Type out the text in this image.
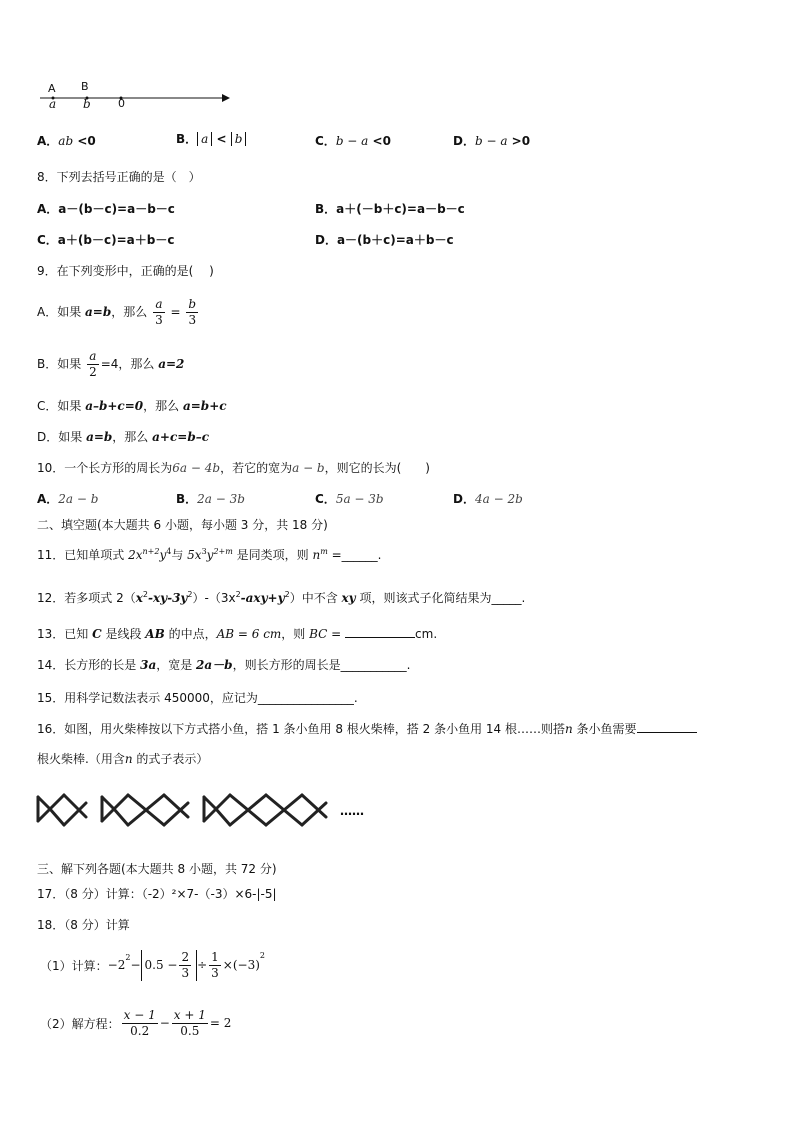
A B
a b 0
A．ab <0	B． a < b	C．b − a <0	D．b − a >0
8．下列去括号正确的是（　）
A．a－(b－c)=a－b－c	B．a＋(－b＋c)=a－b－c
C．a＋(b－c)=a＋b－c	D．a－(b＋c)=a＋b－c
9．在下列变形中，正确的是(　 )
A．如果 a=b，那么 $\frac{a}{3} = \frac{b}{3}$
B．如果 $\frac{a}{2} =4$，那么 a=2
C．如果 a–b+c=0，那么 a=b+c
D．如果 a=b，那么 a+c=b–c
10．一个长方形的周长为6a − 4b，若它的宽为a − b，则它的长为(　　)
A．2a − b	B．2a − 3b	C．5a − 3b	D．4a − 2b
二、填空题(本大题共 6 小题，每小题 3 分，共 18 分)
11．已知单项式 $2x^{n+2}y^4$与 $5x^3y^{2+m}$ 是同类项，则 $n^m$ =______.
12．若多项式 $2(x^2-xy-3y^2)-(3x^2-axy+y^2)$中不含 xy 项，则该式子化简结果为_____.
13．已知 C 是线段 AB 的中点，AB = 6 cm，则 BC =	cm.
14．长方形的长是 3a，宽是 2a－b，则长方形的周长是___________.
15．用科学记数法表示 450000，应记为________________.
16．如图，用火柴棒按以下方式搭小鱼，搭 1 条小鱼用 8 根火柴棒，搭 2 条小鱼用 14 根……则搭n 条小鱼需要
根火柴棒.（用含n 的式子表示）
……
三、解下列各题(本大题共 8 小题，共 72 分)
17．（8 分）计算：（-2）²×7-（-3）×6-|-5|
18．（8 分）计算
（1）计算： −2
$^2$
− $0.5 - \frac{2}{3} \div \frac{1}{3} \times(-3)$
$^2$
（2）解方程： $\frac{x - 1}{0.2} - \frac{x + 1}{0.5} = 2$
